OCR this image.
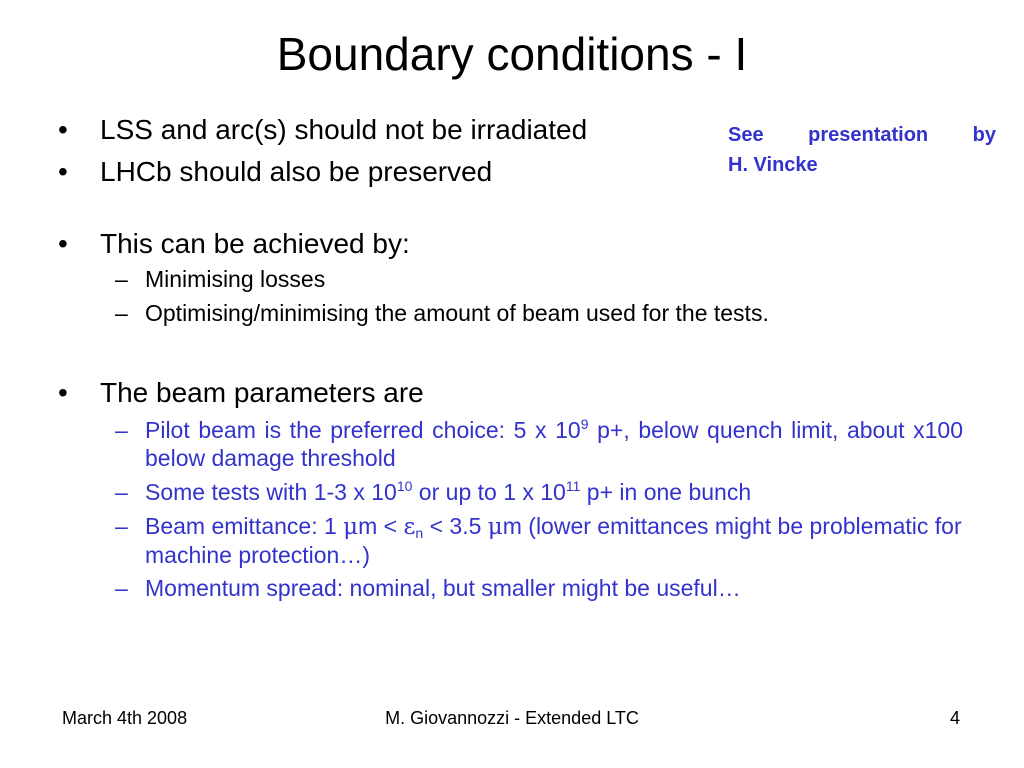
Boundary conditions - I
• LSS and arc(s) should not be irradiated
• LHCb should also be preserved
See presentation by
H. Vincke
• This can be achieved by:
– Minimising losses
– Optimising/minimising the amount of beam used for the tests.
• The beam parameters are
– Pilot beam is the preferred choice: 5 x $10^9$ p+, below quench limit, about x100 below damage threshold
– Some tests with 1-3 x $10^{10}$ or up to 1 x $10^{11}$ p+ in one bunch
– Beam emittance: 1 $\mu m < \varepsilon_n < 3.5$ μm (lower emittances might be problematic for machine protection…)
– Momentum spread: nominal, but smaller might be useful…
March 4th 2008	M. Giovannozzi - Extended LTC	4
